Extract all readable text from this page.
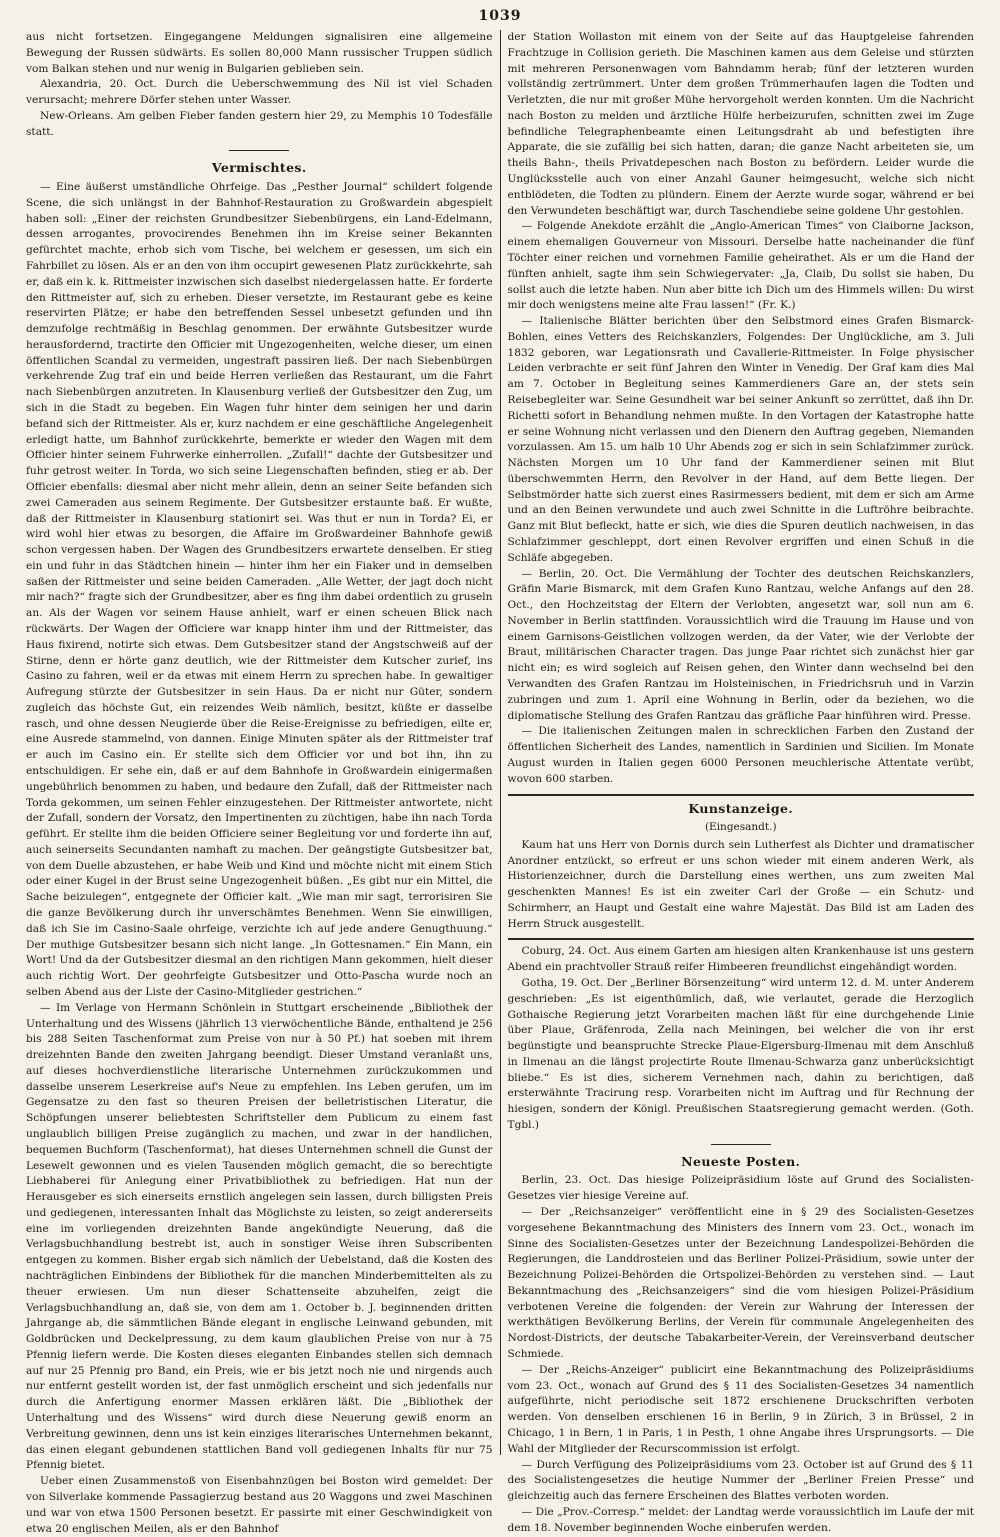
1039

aus nicht fortsetzen. Eingegangene Meldungen signalisiren eine allgemeine Bewegung der Russen südwärts. Es sollen 80,000 Mann russischer Truppen südlich vom Balkan stehen und nur wenig in Bulgarien geblieben sein.

Alexandria, 20. Oct. Durch die Ueberschwemmung des Nil ist viel Schaden verursacht; mehrere Dörfer stehen unter Wasser.

New-Orleans. Am gelben Fieber fanden gestern hier 29, zu Memphis 10 Todesfälle statt.

Vermischtes.

— Eine äußerst umständliche Ohrfeige. Das „Pesther Journal“ schildert folgende Scene, die sich unlängst in der Bahnhof-Restauration zu Großwardein abgespielt haben soll: „Einer der reichsten Grundbesitzer Siebenbürgens, ein Land-Edelmann, dessen arrogantes, provocirendes Benehmen ihn im Kreise seiner Bekannten gefürchtet machte, erhob sich vom Tische, bei welchem er gesessen, um sich ein Fahrbillet zu lösen. Als er an den von ihm occupirt gewesenen Platz zurückkehrte, sah er, daß ein k. k. Rittmeister inzwischen sich daselbst niedergelassen hatte. Er forderte den Rittmeister auf, sich zu erheben. Dieser versetzte, im Restaurant gebe es keine reservirten Plätze; er habe den betreffenden Sessel unbesetzt gefunden und ihn demzufolge rechtmäßig in Beschlag genommen. Der erwähnte Gutsbesitzer wurde herausfordernd, tractirte den Officier mit Ungezogenheiten, welche dieser, um einen öffentlichen Scandal zu vermeiden, ungestraft passiren ließ. Der nach Siebenbürgen verkehrende Zug traf ein und beide Herren verließen das Restaurant, um die Fahrt nach Siebenbürgen anzutreten. In Klausenburg verließ der Gutsbesitzer den Zug, um sich in die Stadt zu begeben. Ein Wagen fuhr hinter dem seinigen her und darin befand sich der Rittmeister. Als er, kurz nachdem er eine geschäftliche Angelegenheit erledigt hatte, um Bahnhof zurückkehrte, bemerkte er wieder den Wagen mit dem Officier hinter seinem Fuhrwerke einherrollen. „Zufall!“ dachte der Gutsbesitzer und fuhr getrost weiter. In Torda, wo sich seine Liegenschaften befinden, stieg er ab. Der Officier ebenfalls: diesmal aber nicht mehr allein, denn an seiner Seite befanden sich zwei Cameraden aus seinem Regimente. Der Gutsbesitzer erstaunte baß. Er wußte, daß der Rittmeister in Klausenburg stationirt sei. Was thut er nun in Torda? Ei, er wird wohl hier etwas zu besorgen, die Affaire im Großwardeiner Bahnhofe gewiß schon vergessen haben. Der Wagen des Grundbesitzers erwartete denselben. Er stieg ein und fuhr in das Städtchen hinein — hinter ihm her ein Fiaker und in demselben saßen der Rittmeister und seine beiden Cameraden. „Alle Wetter, der jagt doch nicht mir nach?“ fragte sich der Grundbesitzer, aber es fing ihm dabei ordentlich zu gruseln an. Als der Wagen vor seinem Hause anhielt, warf er einen scheuen Blick nach rückwärts. Der Wagen der Officiere war knapp hinter ihm und der Rittmeister, das Haus fixirend, notirte sich etwas. Dem Gutsbesitzer stand der Angstschweiß auf der Stirne, denn er hörte ganz deutlich, wie der Rittmeister dem Kutscher zurief, ins Casino zu fahren, weil er da etwas mit einem Herrn zu sprechen habe. In gewaltiger Aufregung stürzte der Gutsbesitzer in sein Haus. Da er nicht nur Güter, sondern zugleich das höchste Gut, ein reizendes Weib nämlich, besitzt, küßte er dasselbe rasch, und ohne dessen Neugierde über die Reise-Ereignisse zu befriedigen, eilte er, eine Ausrede stammelnd, von dannen. Einige Minuten später als der Rittmeister traf er auch im Casino ein. Er stellte sich dem Officier vor und bot ihn, ihn zu entschuldigen. Er sehe ein, daß er auf dem Bahnhofe in Großwardein einigermaßen ungebührlich benommen zu haben, und bedaure den Zufall, daß der Rittmeister nach Torda gekommen, um seinen Fehler einzugestehen. Der Rittmeister antwortete, nicht der Zufall, sondern der Vorsatz, den Impertinenten zu züchtigen, habe ihn nach Torda geführt. Er stellte ihm die beiden Officiere seiner Begleitung vor und forderte ihn auf, auch seinerseits Secundanten namhaft zu machen. Der geängstigte Gutsbesitzer bat, von dem Duelle abzustehen, er habe Weib und Kind und möchte nicht mit einem Stich oder einer Kugel in der Brust seine Ungezogenheit büßen. „Es gibt nur ein Mittel, die Sache beizulegen“, entgegnete der Officier kalt. „Wie man mir sagt, terrorisiren Sie die ganze Bevölkerung durch ihr unverschämtes Benehmen. Wenn Sie einwilligen, daß ich Sie im Casino-Saale ohrfeige, verzichte ich auf jede andere Genugthuung.“ Der muthige Gutsbesitzer besann sich nicht lange. „In Gottesnamen.“ Ein Mann, ein Wort! Und da der Gutsbesitzer diesmal an den richtigen Mann gekommen, hielt dieser auch richtig Wort. Der geohrfeigte Gutsbesitzer und Otto-Pascha wurde noch an selben Abend aus der Liste der Casino-Mitglieder gestrichen.“

— Im Verlage von Hermann Schönlein in Stuttgart erscheinende „Bibliothek der Unterhaltung und des Wissens (jährlich 13 vierwöchentliche Bände, enthaltend je 256 bis 288 Seiten Taschenformat zum Preise von nur à 50 Pf.) hat soeben mit ihrem dreizehnten Bande den zweiten Jahrgang beendigt. Dieser Umstand veranlaßt uns, auf dieses hochverdienstliche literarische Unternehmen zurückzukommen und dasselbe unserem Leserkreise auf's Neue zu empfehlen. Ins Leben gerufen, um im Gegensatze zu den fast so theuren Preisen der belletristischen Literatur, die Schöpfungen unserer beliebtesten Schriftsteller dem Publicum zu einem fast unglaublich billigen Preise zugänglich zu machen, und zwar in der handlichen, bequemen Buchform (Taschenformat), hat dieses Unternehmen schnell die Gunst der Lesewelt gewonnen und es vielen Tausenden möglich gemacht, die so berechtigte Liebhaberei für Anlegung einer Privatbibliothek zu befriedigen. Hat nun der Herausgeber es sich einerseits ernstlich angelegen sein lassen, durch billigsten Preis und gediegenen, interessanten Inhalt das Möglichste zu leisten, so zeigt andererseits eine im vorliegenden dreizehnten Bande angekündigte Neuerung, daß die Verlagsbuchhandlung bestrebt ist, auch in sonstiger Weise ihren Subscribenten entgegen zu kommen. Bisher ergab sich nämlich der Uebelstand, daß die Kosten des nachträglichen Einbindens der Bibliothek für die manchen Minderbemittelten als zu theuer erwiesen. Um nun dieser Schattenseite abzuhelfen, zeigt die Verlagsbuchhandlung an, daß sie, von dem am 1. October b. J. beginnenden dritten Jahrgange ab, die sämmtlichen Bände elegant in englische Leinwand gebunden, mit Goldbrücken und Deckelpressung, zu dem kaum glaublichen Preise von nur à 75 Pfennig liefern werde. Die Kosten dieses eleganten Einbandes stellen sich demnach auf nur 25 Pfennig pro Band, ein Preis, wie er bis jetzt noch nie und nirgends auch nur entfernt gestellt worden ist, der fast unmöglich erscheint und sich jedenfalls nur durch die Anfertigung enormer Massen erklären läßt. Die „Bibliothek der Unterhaltung und des Wissens“ wird durch diese Neuerung gewiß enorm an Verbreitung gewinnen, denn uns ist kein einziges literarisches Unternehmen bekannt, das einen elegant gebundenen stattlichen Band voll gediegenen Inhalts für nur 75 Pfennig bietet.

Ueber einen Zusammenstoß von Eisenbahnzügen bei Boston wird gemeldet: Der von Silverlake kommende Passagierzug bestand aus 20 Waggons und zwei Maschinen und war von etwa 1500 Personen besetzt. Er passirte mit einer Geschwindigkeit von etwa 20 englischen Meilen, als er den Bahnhof

der Station Wollaston mit einem von der Seite auf das Hauptgeleise fahrenden Frachtzuge in Collision gerieth. Die Maschinen kamen aus dem Geleise und stürzten mit mehreren Personenwagen vom Bahndamm herab; fünf der letzteren wurden vollständig zertrümmert. Unter dem großen Trümmerhaufen lagen die Todten und Verletzten, die nur mit großer Mühe hervorgeholt werden konnten. Um die Nachricht nach Boston zu melden und ärztliche Hülfe herbeizurufen, schnitten zwei im Zuge befindliche Telegraphenbeamte einen Leitungsdraht ab und befestigten ihre Apparate, die sie zufällig bei sich hatten, daran; die ganze Nacht arbeiteten sie, um theils Bahn-, theils Privatdepeschen nach Boston zu befördern. Leider wurde die Unglücksstelle auch von einer Anzahl Gauner heimgesucht, welche sich nicht entblödeten, die Todten zu plündern. Einem der Aerzte wurde sogar, während er bei den Verwundeten beschäftigt war, durch Taschendiebe seine goldene Uhr gestohlen.

— Folgende Anekdote erzählt die „Anglo-American Times“ von Claiborne Jackson, einem ehemaligen Gouverneur von Missouri. Derselbe hatte nacheinander die fünf Töchter einer reichen und vornehmen Familie geheirathet. Als er um die Hand der fünften anhielt, sagte ihm sein Schwiegervater: „Ja, Claib, Du sollst sie haben, Du sollst auch die letzte haben. Nun aber bitte ich Dich um des Himmels willen: Du wirst mir doch wenigstens meine alte Frau lassen!“ (Fr. K.)

— Italienische Blätter berichten über den Selbstmord eines Grafen Bismarck-Bohlen, eines Vetters des Reichskanzlers, Folgendes: Der Unglückliche, am 3. Juli 1832 geboren, war Legationsrath und Cavallerie-Rittmeister. In Folge physischer Leiden verbrachte er seit fünf Jahren den Winter in Venedig. Der Graf kam dies Mal am 7. October in Begleitung seines Kammerdieners Gare an, der stets sein Reisebegleiter war. Seine Gesundheit war bei seiner Ankunft so zerrüttet, daß ihn Dr. Richetti sofort in Behandlung nehmen mußte. In den Vortagen der Katastrophe hatte er seine Wohnung nicht verlassen und den Dienern den Auftrag gegeben, Niemanden vorzulassen. Am 15. um halb 10 Uhr Abends zog er sich in sein Schlafzimmer zurück. Nächsten Morgen um 10 Uhr fand der Kammerdiener seinen mit Blut überschwemmten Herrn, den Revolver in der Hand, auf dem Bette liegen. Der Selbstmörder hatte sich zuerst eines Rasirmessers bedient, mit dem er sich am Arme und an den Beinen verwundete und auch zwei Schnitte in die Luftröhre beibrachte. Ganz mit Blut befleckt, hatte er sich, wie dies die Spuren deutlich nachweisen, in das Schlafzimmer geschleppt, dort einen Revolver ergriffen und einen Schuß in die Schläfe abgegeben.

— Berlin, 20. Oct. Die Vermählung der Tochter des deutschen Reichskanzlers, Gräfin Marie Bismarck, mit dem Grafen Kuno Rantzau, welche Anfangs auf den 28. Oct., den Hochzeitstag der Eltern der Verlobten, angesetzt war, soll nun am 6. November in Berlin stattfinden. Voraussichtlich wird die Trauung im Hause und von einem Garnisons-Geistlichen vollzogen werden, da der Vater, wie der Verlobte der Braut, militärischen Character tragen. Das junge Paar richtet sich zunächst hier gar nicht ein; es wird sogleich auf Reisen gehen, den Winter dann wechselnd bei den Verwandten des Grafen Rantzau im Holsteinischen, in Friedrichsruh und in Varzin zubringen und zum 1. April eine Wohnung in Berlin, oder da beziehen, wo die diplomatische Stellung des Grafen Rantzau das gräfliche Paar hinführen wird. Presse.

— Die italienischen Zeitungen malen in schrecklichen Farben den Zustand der öffentlichen Sicherheit des Landes, namentlich in Sardinien und Sicilien. Im Monate August wurden in Italien gegen 6000 Personen meuchlerische Attentate verübt, wovon 600 starben.

Kunstanzeige.
(Eingesandt.)

Kaum hat uns Herr von Dornis durch sein Lutherfest als Dichter und dramatischer Anordner entzückt, so erfreut er uns schon wieder mit einem anderen Werk, als Historienzeichner, durch die Darstellung eines werthen, uns zum zweiten Mal geschenkten Mannes! Es ist ein zweiter Carl der Große — ein Schutz- und Schirmherr, an Haupt und Gestalt eine wahre Majestät. Das Bild ist am Laden des Herrn Struck ausgestellt.

Coburg, 24. Oct. Aus einem Garten am hiesigen alten Krankenhause ist uns gestern Abend ein prachtvoller Strauß reifer Himbeeren freundlichst eingehändigt worden.

Gotha, 19. Oct. Der „Berliner Börsenzeitung“ wird unterm 12. d. M. unter Anderem geschrieben: „Es ist eigenthümlich, daß, wie verlautet, gerade die Herzoglich Gothaische Regierung jetzt Vorarbeiten machen läßt für eine durchgehende Linie über Plaue, Gräfenroda, Zella nach Meiningen, bei welcher die von ihr erst begünstigte und beanspruchte Strecke Plaue-Elgersburg-Ilmenau mit dem Anschluß in Ilmenau an die längst projectirte Route Ilmenau-Schwarza ganz unberücksichtigt bliebe.“ Es ist dies, sicherem Vernehmen nach, dahin zu berichtigen, daß ersterwähnte Tracirung resp. Vorarbeiten nicht im Auftrag und für Rechnung der hiesigen, sondern der Königl. Preußischen Staatsregierung gemacht werden. (Goth. Tgbl.)

Neueste Posten.

Berlin, 23. Oct. Das hiesige Polizeipräsidium löste auf Grund des Socialisten-Gesetzes vier hiesige Vereine auf.

— Der „Reichsanzeiger“ veröffentlicht eine in § 29 des Socialisten-Gesetzes vorgesehene Bekanntmachung des Ministers des Innern vom 23. Oct., wonach im Sinne des Socialisten-Gesetzes unter der Bezeichnung Landespolizei-Behörden die Regierungen, die Landdrosteien und das Berliner Polizei-Präsidium, sowie unter der Bezeichnung Polizei-Behörden die Ortspolizei-Behörden zu verstehen sind. — Laut Bekanntmachung des „Reichsanzeigers“ sind die vom hiesigen Polizei-Präsidium verbotenen Vereine die folgenden: der Verein zur Wahrung der Interessen der werkthätigen Bevölkerung Berlins, der Verein für communale Angelegenheiten des Nordost-Districts, der deutsche Tabakarbeiter-Verein, der Vereinsverband deutscher Schmiede.

— Der „Reichs-Anzeiger“ publicirt eine Bekanntmachung des Polizeipräsidiums vom 23. Oct., wonach auf Grund des § 11 des Socialisten-Gesetzes 34 namentlich aufgeführte, nicht periodische seit 1872 erschienene Druckschriften verboten werden. Von denselben erschienen 16 in Berlin, 9 in Zürich, 3 in Brüssel, 2 in Chicago, 1 in Bern, 1 in Paris, 1 in Pesth, 1 ohne Angabe ihres Ursprungsorts. — Die Wahl der Mitglieder der Recurscommission ist erfolgt.

— Durch Verfügung des Polizeipräsidiums vom 23. October ist auf Grund des § 11 des Socialistengesetzes die heutige Nummer der „Berliner Freien Presse“ und gleichzeitig auch das fernere Erscheinen des Blattes verboten worden.

— Die „Prov.-Corresp.“ meldet: der Landtag werde voraussichtlich im Laufe der mit dem 18. November beginnenden Woche einberufen werden.
